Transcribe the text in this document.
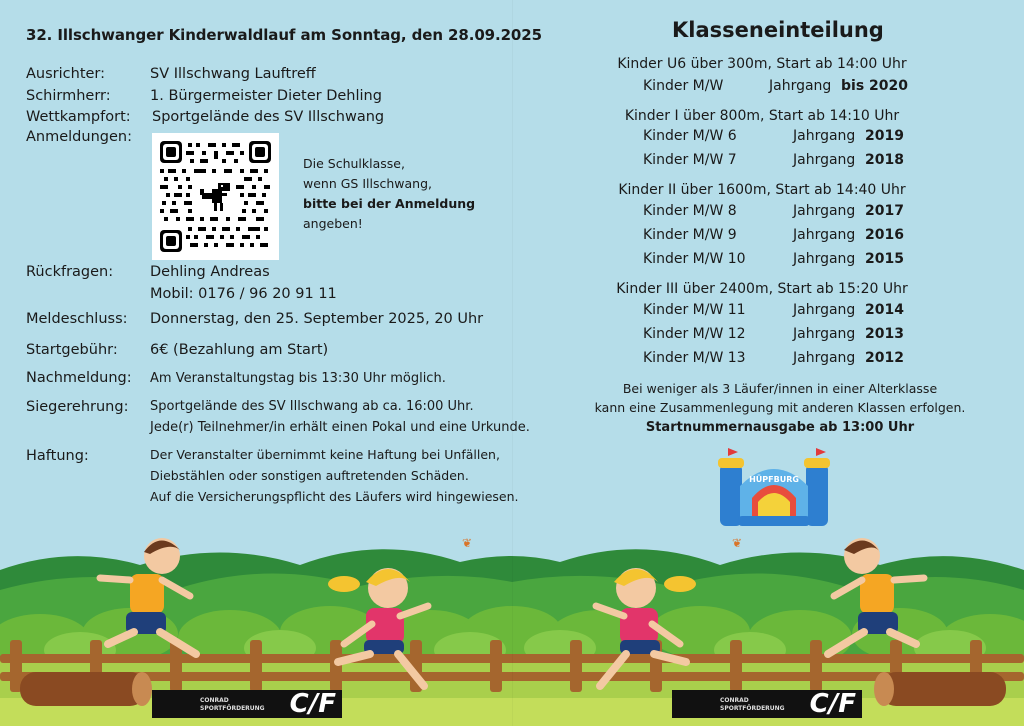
32. Illschwanger Kinderwaldlauf am Sonntag, den 28.09.2025
Ausrichter:	SV Illschwang Lauftreff
Schirmherr:	1. Bürgermeister Dieter Dehling
Wettkampfort: Sportgelände des SV Illschwang
Anmeldungen:
Die Schulklasse,
wenn GS Illschwang,
bitte bei der Anmeldung
angeben!
Rückfragen:	Dehling Andreas
Mobil: 0176 / 96 20 91 11
Meldeschluss: Donnerstag, den 25. September 2025, 20 Uhr
Startgebühr: 6€ (Bezahlung am Start)
Nachmeldung: Am Veranstaltungstag bis 13:30 Uhr möglich.
Siegerehrung: Sportgelände des SV Illschwang ab ca. 16:00 Uhr.
Jede(r) Teilnehmer/in erhält einen Pokal und eine Urkunde.
Haftung:	Der Veranstalter übernimmt keine Haftung bei Unfällen,
Diebstählen oder sonstigen auftretenden Schäden.
Auf die Versicherungspflicht des Läufers wird hingewiesen.
Klasseneinteilung
Kinder U6 über 300m, Start ab 14:00 Uhr
Kinder M/W	Jahrgang bis 2020
Kinder I über 800m, Start ab 14:10 Uhr
Kinder M/W 6	Jahrgang 2019
Kinder M/W 7	Jahrgang 2018
Kinder II über 1600m, Start ab 14:40 Uhr
Kinder M/W 8	Jahrgang 2017
Kinder M/W 9	Jahrgang 2016
Kinder M/W 10	Jahrgang 2015
Kinder III über 2400m, Start ab 15:20 Uhr
Kinder M/W 11	Jahrgang 2014
Kinder M/W 12	Jahrgang 2013
Kinder M/W 13	Jahrgang 2012
Bei weniger als 3 Läufer/innen in einer Alterklasse
kann eine Zusammenlegung mit anderen Klassen erfolgen.
Startnummernausgabe ab 13:00 Uhr
HÜPFBURG
❦	❦
CONRAD
SPORTFÖRDERUNG C/F	CONRAD
SPORTFÖRDERUNG C/F
